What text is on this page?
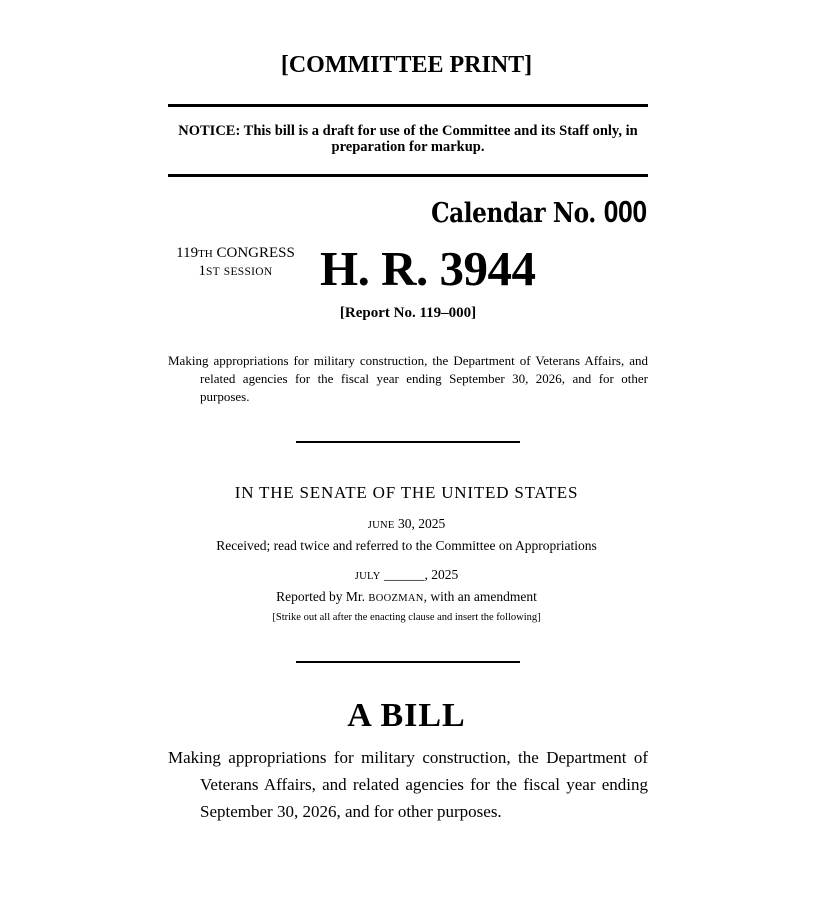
[COMMITTEE PRINT]
NOTICE: This bill is a draft for use of the Committee and its Staff only, in preparation for markup.
Calendar No. 000
119TH CONGRESS
1ST SESSION H. R. 3944
[Report No. 119–000]
Making appropriations for military construction, the Department of Veterans Affairs, and related agencies for the fiscal year ending September 30, 2026, and for other purposes.
IN THE SENATE OF THE UNITED STATES
JUNE 30, 2025
Received; read twice and referred to the Committee on Appropriations
JULY ______, 2025
Reported by Mr. BOOZMAN, with an amendment
[Strike out all after the enacting clause and insert the following]
A BILL
Making appropriations for military construction, the Department of Veterans Affairs, and related agencies for the fiscal year ending September 30, 2026, and for other purposes.
